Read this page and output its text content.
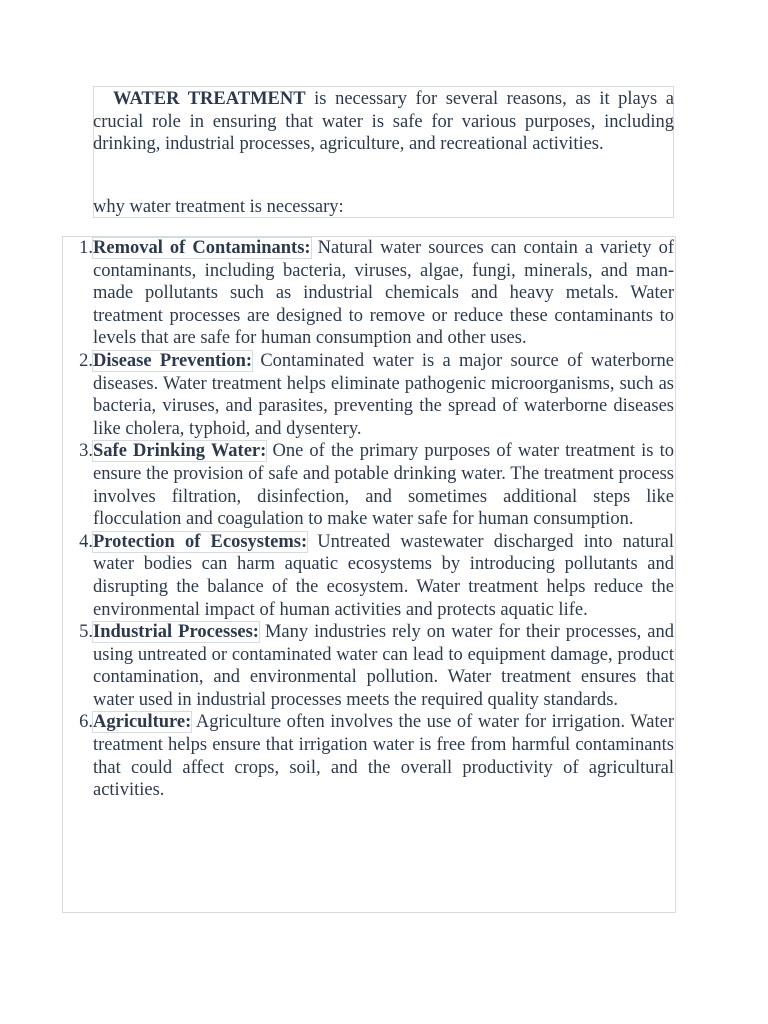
WATER TREATMENT is necessary for several reasons, as it plays a crucial role in ensuring that water is safe for various purposes, including drinking, industrial processes, agriculture, and recreational activities.

why water treatment is necessary:

1. Removal of Contaminants: Natural water sources can contain a variety of contaminants, including bacteria, viruses, algae, fungi, minerals, and man-made pollutants such as industrial chemicals and heavy metals. Water treatment processes are designed to remove or reduce these contaminants to levels that are safe for human consumption and other uses.
2. Disease Prevention: Contaminated water is a major source of waterborne diseases. Water treatment helps eliminate pathogenic microorganisms, such as bacteria, viruses, and parasites, preventing the spread of waterborne diseases like cholera, typhoid, and dysentery.
3. Safe Drinking Water: One of the primary purposes of water treatment is to ensure the provision of safe and potable drinking water. The treatment process involves filtration, disinfection, and sometimes additional steps like flocculation and coagulation to make water safe for human consumption.
4. Protection of Ecosystems: Untreated wastewater discharged into natural water bodies can harm aquatic ecosystems by introducing pollutants and disrupting the balance of the ecosystem. Water treatment helps reduce the environmental impact of human activities and protects aquatic life.
5. Industrial Processes: Many industries rely on water for their processes, and using untreated or contaminated water can lead to equipment damage, product contamination, and environmental pollution. Water treatment ensures that water used in industrial processes meets the required quality standards.
6. Agriculture: Agriculture often involves the use of water for irrigation. Water treatment helps ensure that irrigation water is free from harmful contaminants that could affect crops, soil, and the overall productivity of agricultural activities.
